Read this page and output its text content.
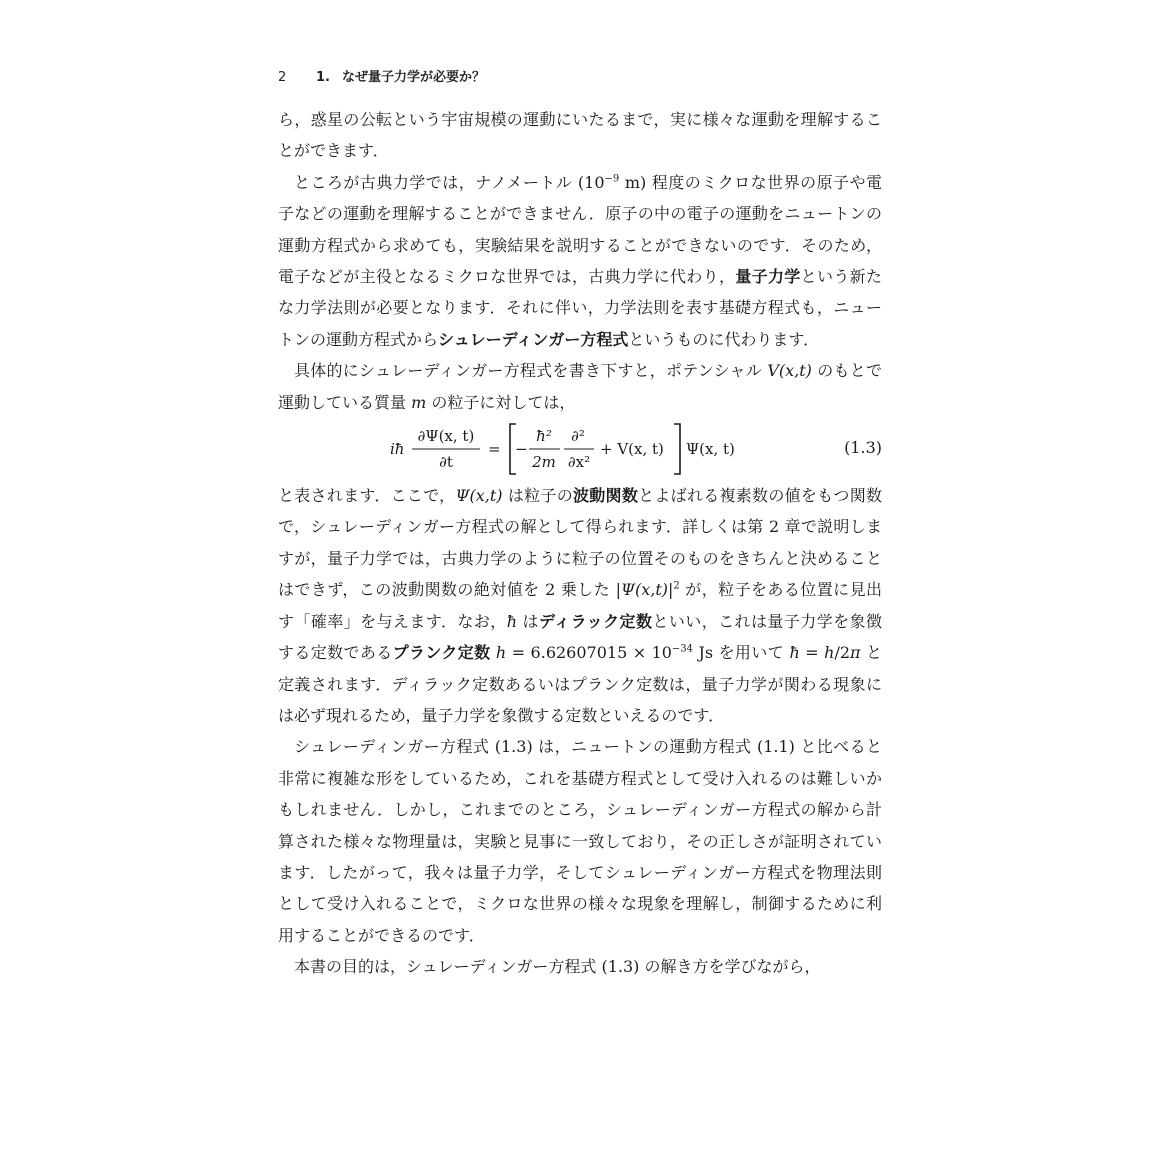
2	1. なぜ量子力学が必要か？

ら，惑星の公転という宇宙規模の運動にいたるまで，実に様々な運動を理解することができます．

ところが古典力学では，ナノメートル ($10^{-9}$ m) 程度のミクロな世界の原子や電子などの運動を理解することができません．原子の中の電子の運動をニュートンの運動方程式から求めても，実験結果を説明することができないのです．そのため，電子などが主役となるミクロな世界では，古典力学に代わり，量子力学という新たな力学法則が必要となります．それに伴い，力学法則を表す基礎方程式も，ニュートンの運動方程式からシュレーディンガー方程式というものに代わります．

具体的にシュレーディンガー方程式を書き下すと，ポテンシャル V(x,t) のもとで運動している質量 m の粒子に対しては，

iħ
∂Ψ(x, t)
∂t
= −
ħ²
2m
∂²
∂x²
+ V(x, t) Ψ(x, t)	(1.3)

と表されます．ここで，Ψ(x,t) は粒子の波動関数とよばれる複素数の値をもつ関数で，シュレーディンガー方程式の解として得られます．詳しくは第 2 章で説明しますが，量子力学では，古典力学のように粒子の位置そのものをきちんと決めることはできず，この波動関数の絶対値を 2 乗した $|\Psi(x,t)|^2$ が，粒子をある位置に見出す「確率」を与えます．なお，ħ はディラック定数といい，これは量子力学を象徴する定数であるプランク定数 $h = 6.62607015 \times 10^{-34}$ Js を用いて ħ = h/2π と定義されます．ディラック定数あるいはプランク定数は，量子力学が関わる現象には必ず現れるため，量子力学を象徴する定数といえるのです．

シュレーディンガー方程式 (1.3) は，ニュートンの運動方程式 (1.1) と比べると非常に複雑な形をしているため，これを基礎方程式として受け入れるのは難しいかもしれません．しかし，これまでのところ，シュレーディンガー方程式の解から計算された様々な物理量は，実験と見事に一致しており，その正しさが証明されています．したがって，我々は量子力学，そしてシュレーディンガー方程式を物理法則として受け入れることで，ミクロな世界の様々な現象を理解し，制御するために利用することができるのです．

本書の目的は，シュレーディンガー方程式 (1.3) の解き方を学びながら，
